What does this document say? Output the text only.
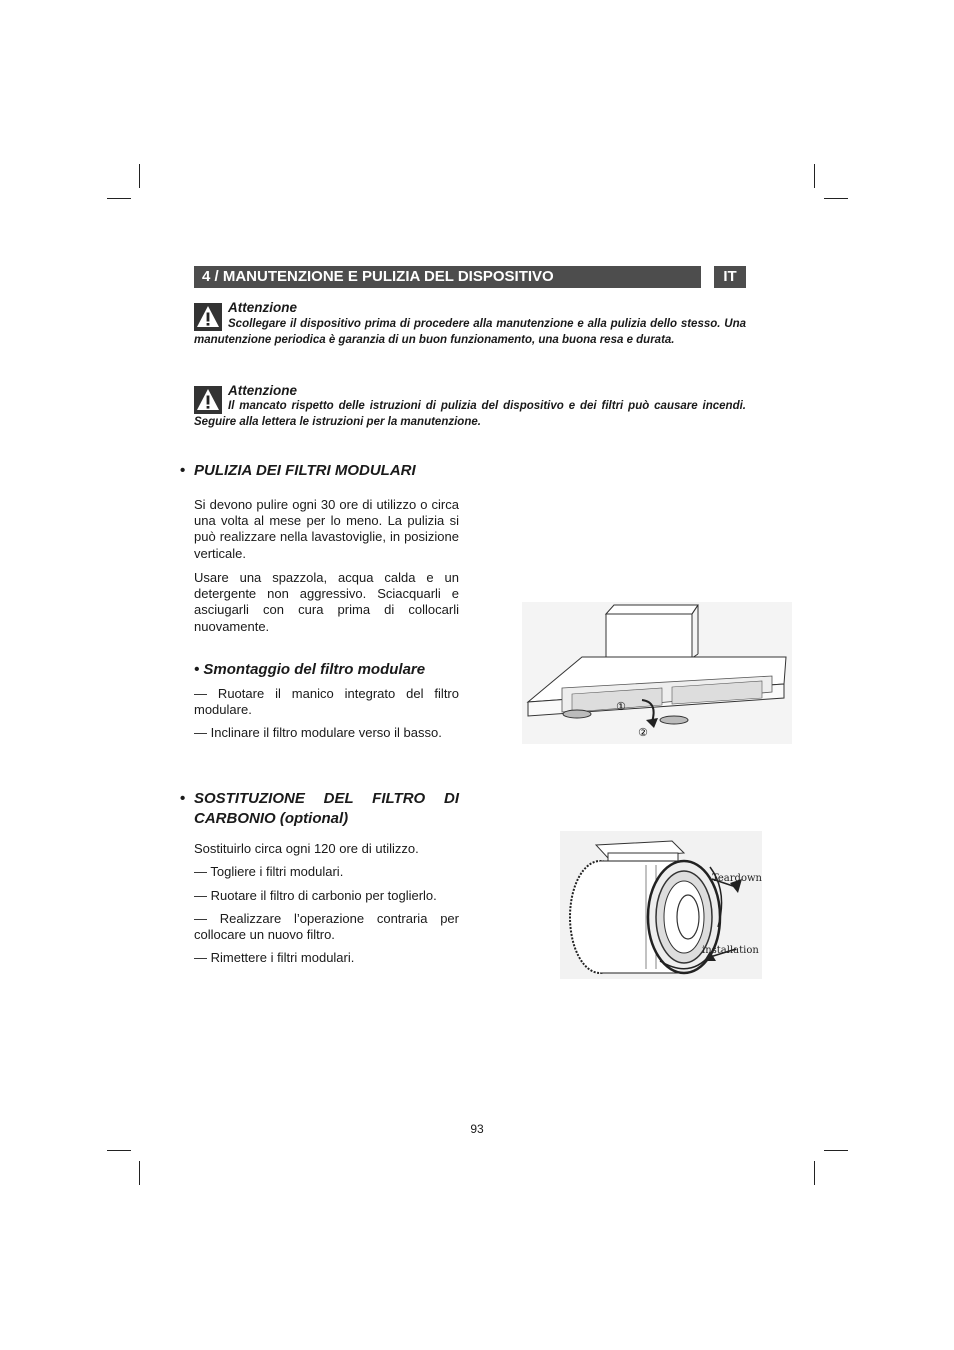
4 / MANUTENZIONE E PULIZIA DEL DISPOSITIVO	IT
Attenzione
Scollegare il dispositivo prima di procedere alla manutenzione e alla pulizia dello stesso. Una manutenzione periodica è garanzia di un buon funzionamento, una buona resa e durata.
Attenzione
Il mancato rispetto delle istruzioni di pulizia del dispositivo e dei filtri può causare incendi. Seguire alla lettera le istruzioni per la manutenzione.
• PULIZIA DEI FILTRI MODULARI
Si devono pulire ogni 30 ore di utilizzo o circa una volta al mese per lo meno. La pulizia si può realizzare nella lavastoviglie, in posizione verticale.
Usare una spazzola, acqua calda e un detergente non aggressivo. Sciacquarli e asciugarli con cura prima di collocarli nuovamente.
• Smontaggio del filtro modulare
— Ruotare il manico integrato del filtro modulare.
— Inclinare il filtro modulare verso il basso.
①
②
• SOSTITUZIONE DEL FILTRO DI CARBONIO (optional)
Sostituirlo circa ogni 120 ore di utilizzo.
— Togliere i filtri modulari.
— Ruotare il filtro di carbonio per toglierlo.
— Realizzare l’operazione contraria per collocare un nuovo filtro.
— Rimettere i filtri modulari.
Teardown
installation
93
